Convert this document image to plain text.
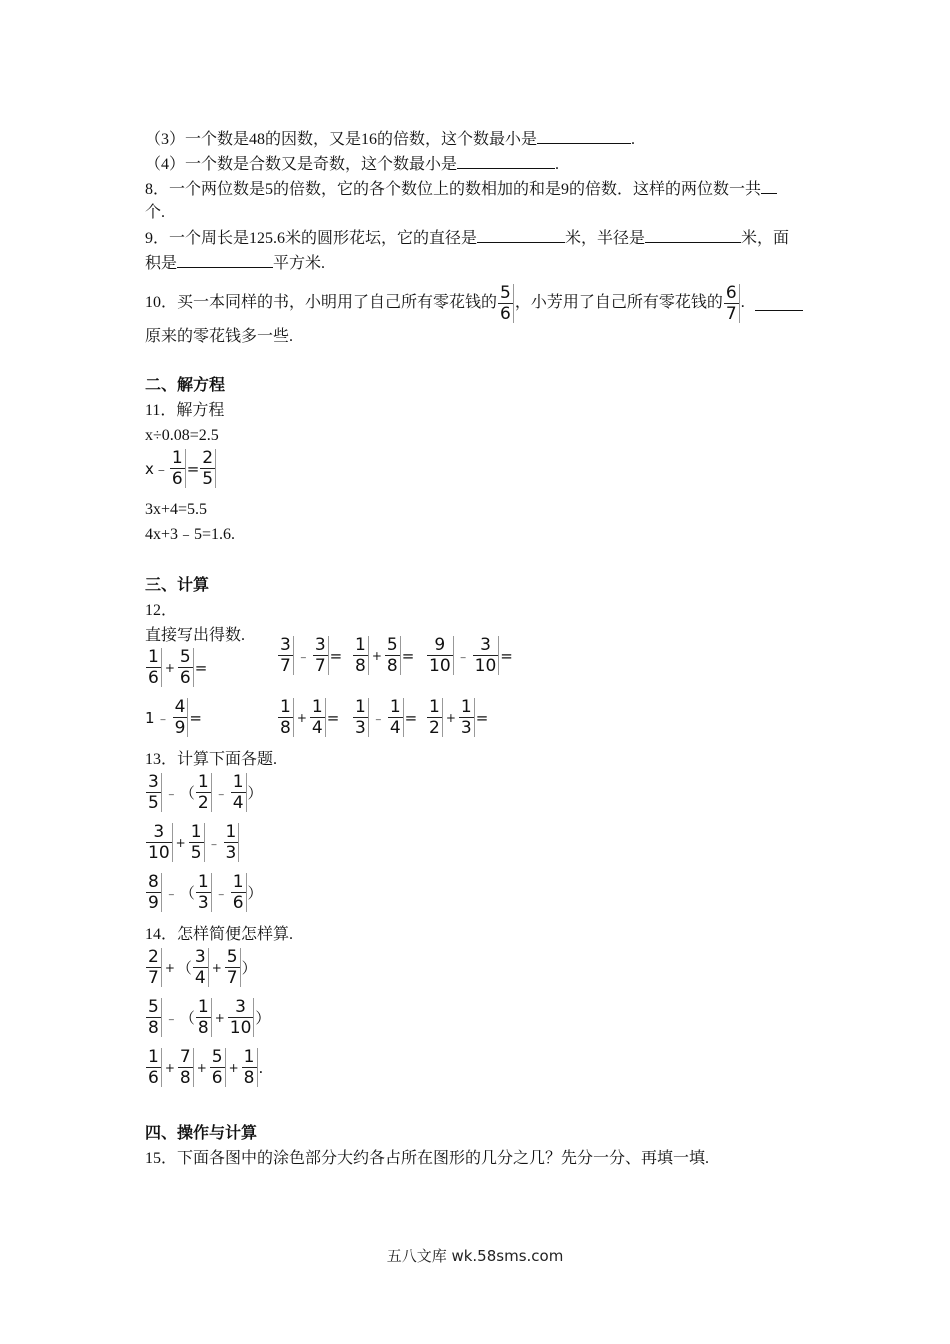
（3）一个数是48的因数，又是16的倍数，这个数最小是	.
（4）一个数是合数又是奇数，这个数最小是	.
8．一个两位数是5的倍数，它的各个数位上的数相加的和是9的倍数．这样的两位数一共
个.
9．一个周长是125.6米的圆形花坛，它的直径是	米，半径是	米，面
积是	平方米.
10．买一本同样的书，小明用了自己所有零花钱的 $\frac{5}{6}$ ，小芳用了自己所有零花钱的 $\frac{6}{7}$ .
原来的零花钱多一些.
二、解方程
11．解方程
x÷0.08=2.5
x﹣ $\frac{1}{6} = \frac{2}{5}$
3x+4=5.5
4x+3﹣5=1.6.
三、计算
12．
直接写出得数.
$\frac{1}{6} + \frac{5}{6}$ =	$\frac{3}{7}$ ﹣ $\frac{3}{7} = \frac{1}{8} + \frac{5}{8} = \frac{9}{10}$ ﹣ $\frac{3}{10}$ =
1 ﹣ $\frac{4}{9}$ =	$\frac{1}{8} + \frac{1}{4} = \frac{1}{3}$ ﹣ $\frac{1}{4} = \frac{1}{2} + \frac{1}{3}$ =
13．计算下面各题.
$\frac{3}{5}$ ﹣ （ $\frac{1}{2}$ ﹣ $\frac{1}{4}$ ）
$\frac{3}{10} + \frac{1}{5}$ ﹣ $\frac{1}{3}$
$\frac{8}{9}$ ﹣ （ $\frac{1}{3}$ ﹣ $\frac{1}{6}$ ）
14．怎样简便怎样算.
$\frac{2}{7}$ + （ $\frac{3}{4} + \frac{5}{7}$ ）
$\frac{5}{8}$ ﹣ （ $\frac{1}{8} + \frac{3}{10}$ ）
$\frac{1}{6} + \frac{7}{8} + \frac{5}{6} + \frac{1}{8}$ .
四、操作与计算
15．下面各图中的涂色部分大约各占所在图形的几分之几？先分一分、再填一填.
五八文库 wk.58sms.com
